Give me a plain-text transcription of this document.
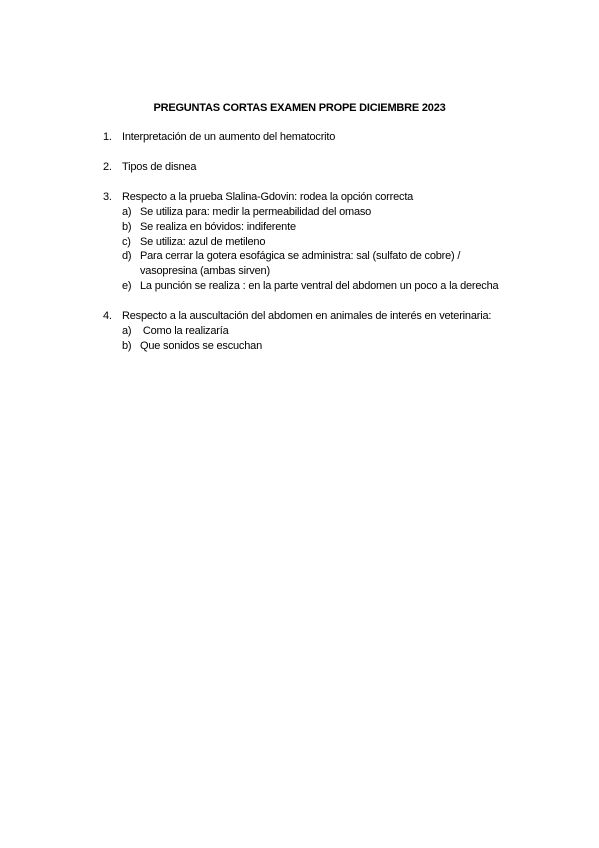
PREGUNTAS CORTAS EXAMEN PROPE DICIEMBRE 2023
1. Interpretación de un aumento del hematocrito
2. Tipos de disnea
3. Respecto a la prueba Slalina-Gdovin: rodea la opción correcta
a) Se utiliza para: medir la permeabilidad del omaso
b) Se realiza en bóvidos: indiferente
c) Se utiliza: azul de metileno
d) Para cerrar la gotera esofágica se administra: sal (sulfato de cobre) /
vasopresina (ambas sirven)
e) La punción se realiza : en la parte ventral del abdomen un poco a la derecha
4. Respecto a la auscultación del abdomen en animales de interés en veterinaria:
a) Como la realizaría
b) Que sonidos se escuchan
